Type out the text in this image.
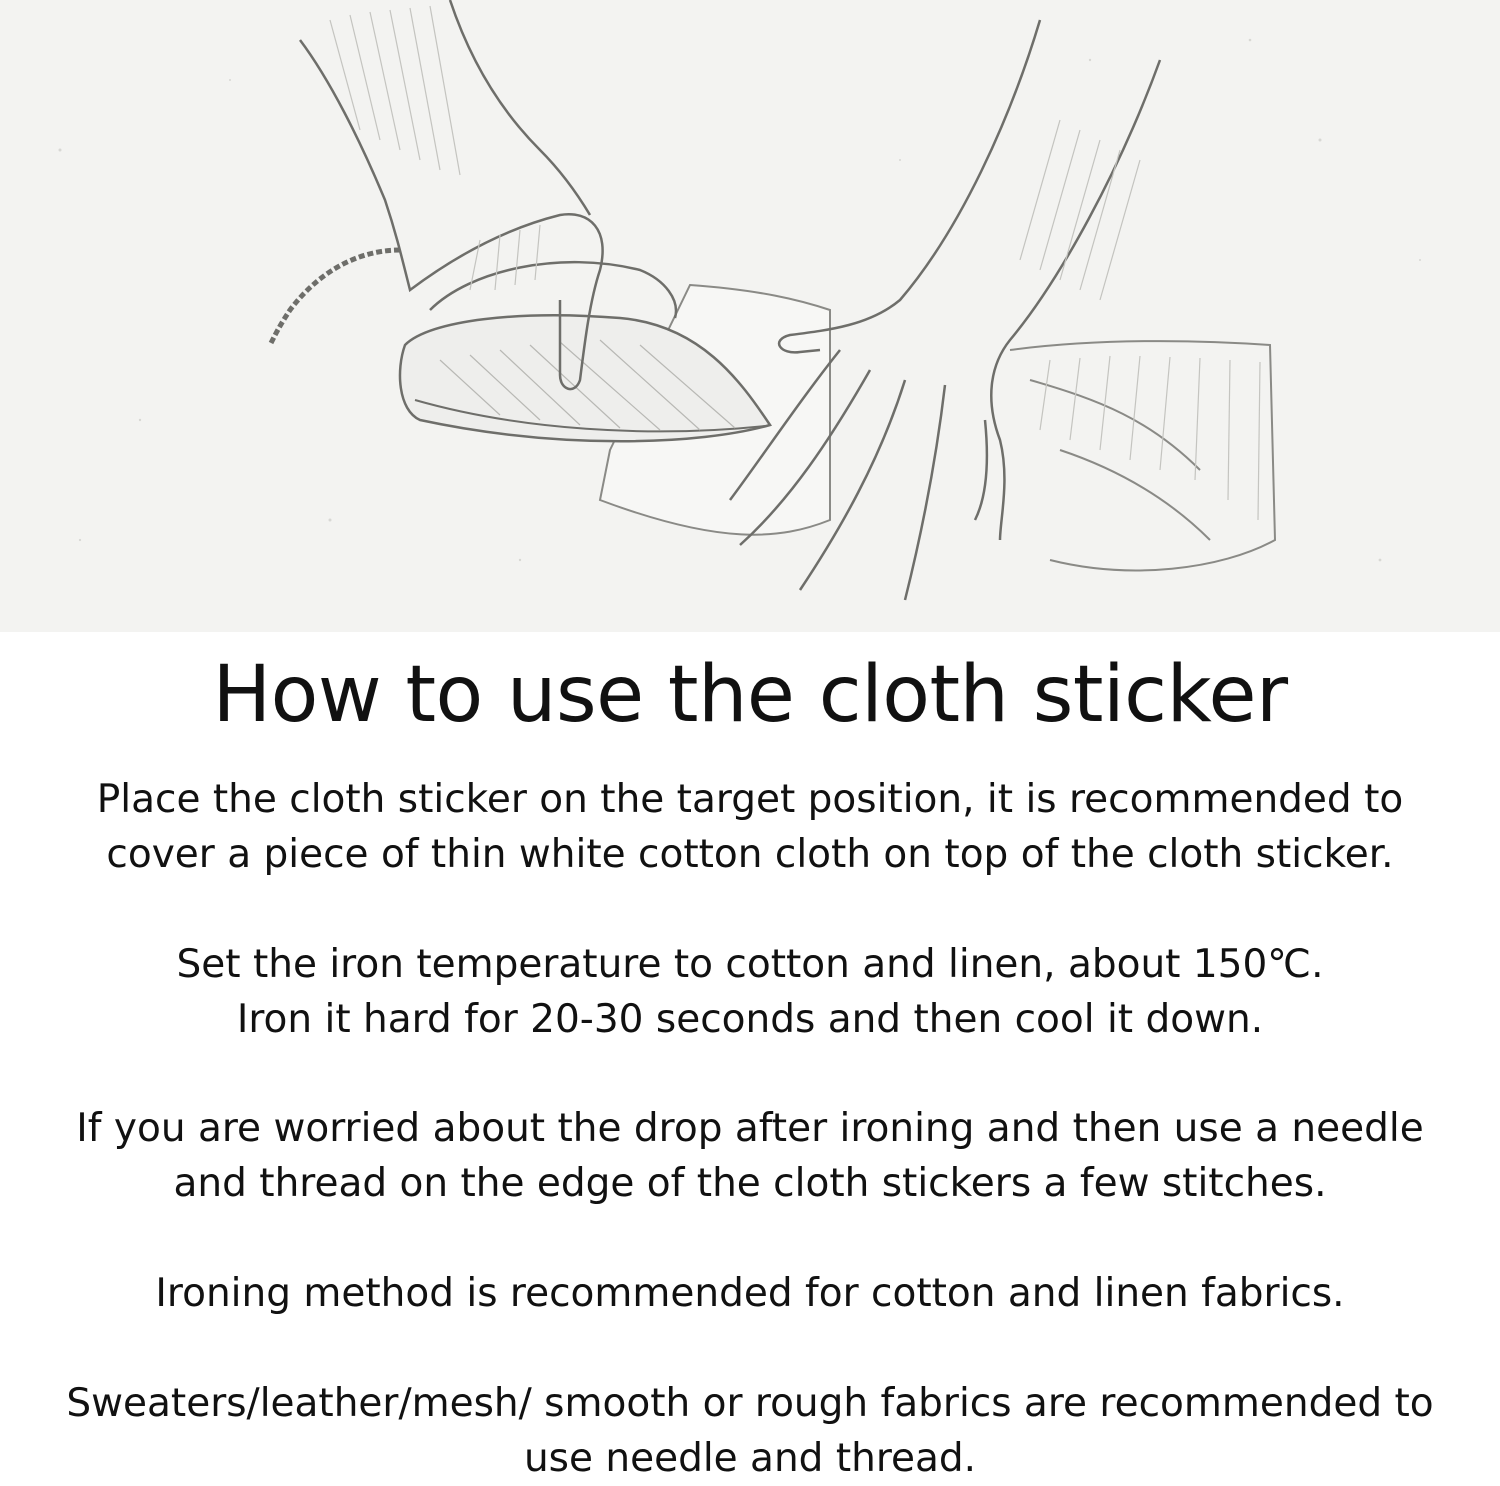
How to use the cloth sticker

Place the cloth sticker on the target position, it is recommended to
cover a piece of thin white cotton cloth on top of the cloth sticker.

Set the iron temperature to cotton and linen, about 150℃.
Iron it hard for 20-30 seconds and then cool it down.

If you are worried about the drop after ironing and then use a needle
and thread on the edge of the cloth stickers a few stitches.

Ironing method is recommended for cotton and linen fabrics.

Sweaters/leather/mesh/ smooth or rough fabrics are recommended to
use needle and thread.
